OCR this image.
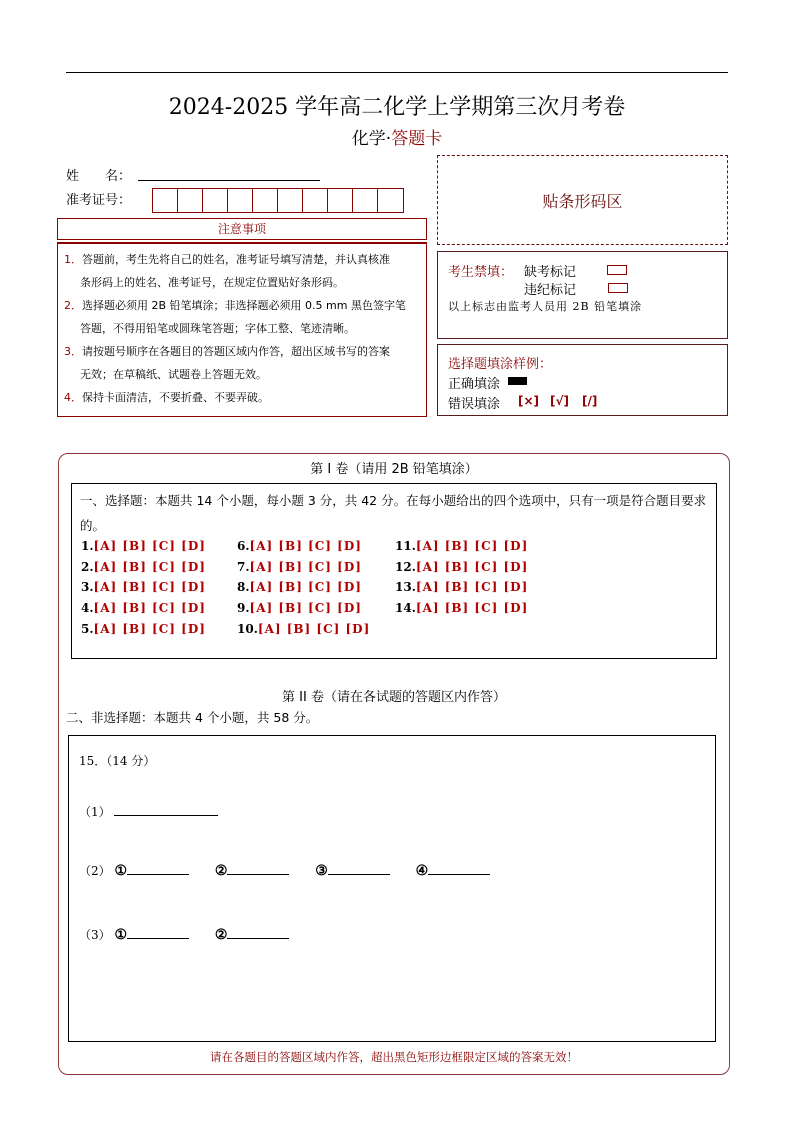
2024-2025 学年高二化学上学期第三次月考卷
化学·答题卡
姓　　名：
准考证号：
注意事项
1．答题前，考生先将自己的姓名，准考证号填写清楚，并认真核准
条形码上的姓名、准考证号，在规定位置贴好条形码。
2．选择题必须用 2B 铅笔填涂；非选择题必须用 0.5 mm 黑色签字笔
答题，不得用铅笔或圆珠笔答题；字体工整、笔迹清晰。
3．请按题号顺序在各题目的答题区域内作答，超出区域书写的答案
无效；在草稿纸、试题卷上答题无效。
4．保持卡面清洁，不要折叠、不要弄破。
贴条形码区
考生禁填： 缺考标记
违纪标记
以上标志由监考人员用 2B 铅笔填涂
选择题填涂样例：
正确填涂
错误填涂 [×] [√] [/]
第 I 卷（请用 2B 铅笔填涂）
一、选择题：本题共 14 个小题，每小题 3 分，共 42 分。在每小题给出的四个选项中，只有一项是符合题目要求的。
1.[A] [B] [C] [D]
2.[A] [B] [C] [D]
3.[A] [B] [C] [D]
4.[A] [B] [C] [D]
5.[A] [B] [C] [D]
6.[A] [B] [C] [D]
7.[A] [B] [C] [D]
8.[A] [B] [C] [D]
9.[A] [B] [C] [D]
10.[A] [B] [C] [D]
11.[A] [B] [C] [D]
12.[A] [B] [C] [D]
13.[A] [B] [C] [D]
14.[A] [B] [C] [D]
第 II 卷（请在各试题的答题区内作答）
二、非选择题：本题共 4 个小题，共 58 分。
15．（14 分）
（1）
（2） ①	②	③	④
（3） ①	②
请在各题目的答题区域内作答，超出黑色矩形边框限定区域的答案无效！
